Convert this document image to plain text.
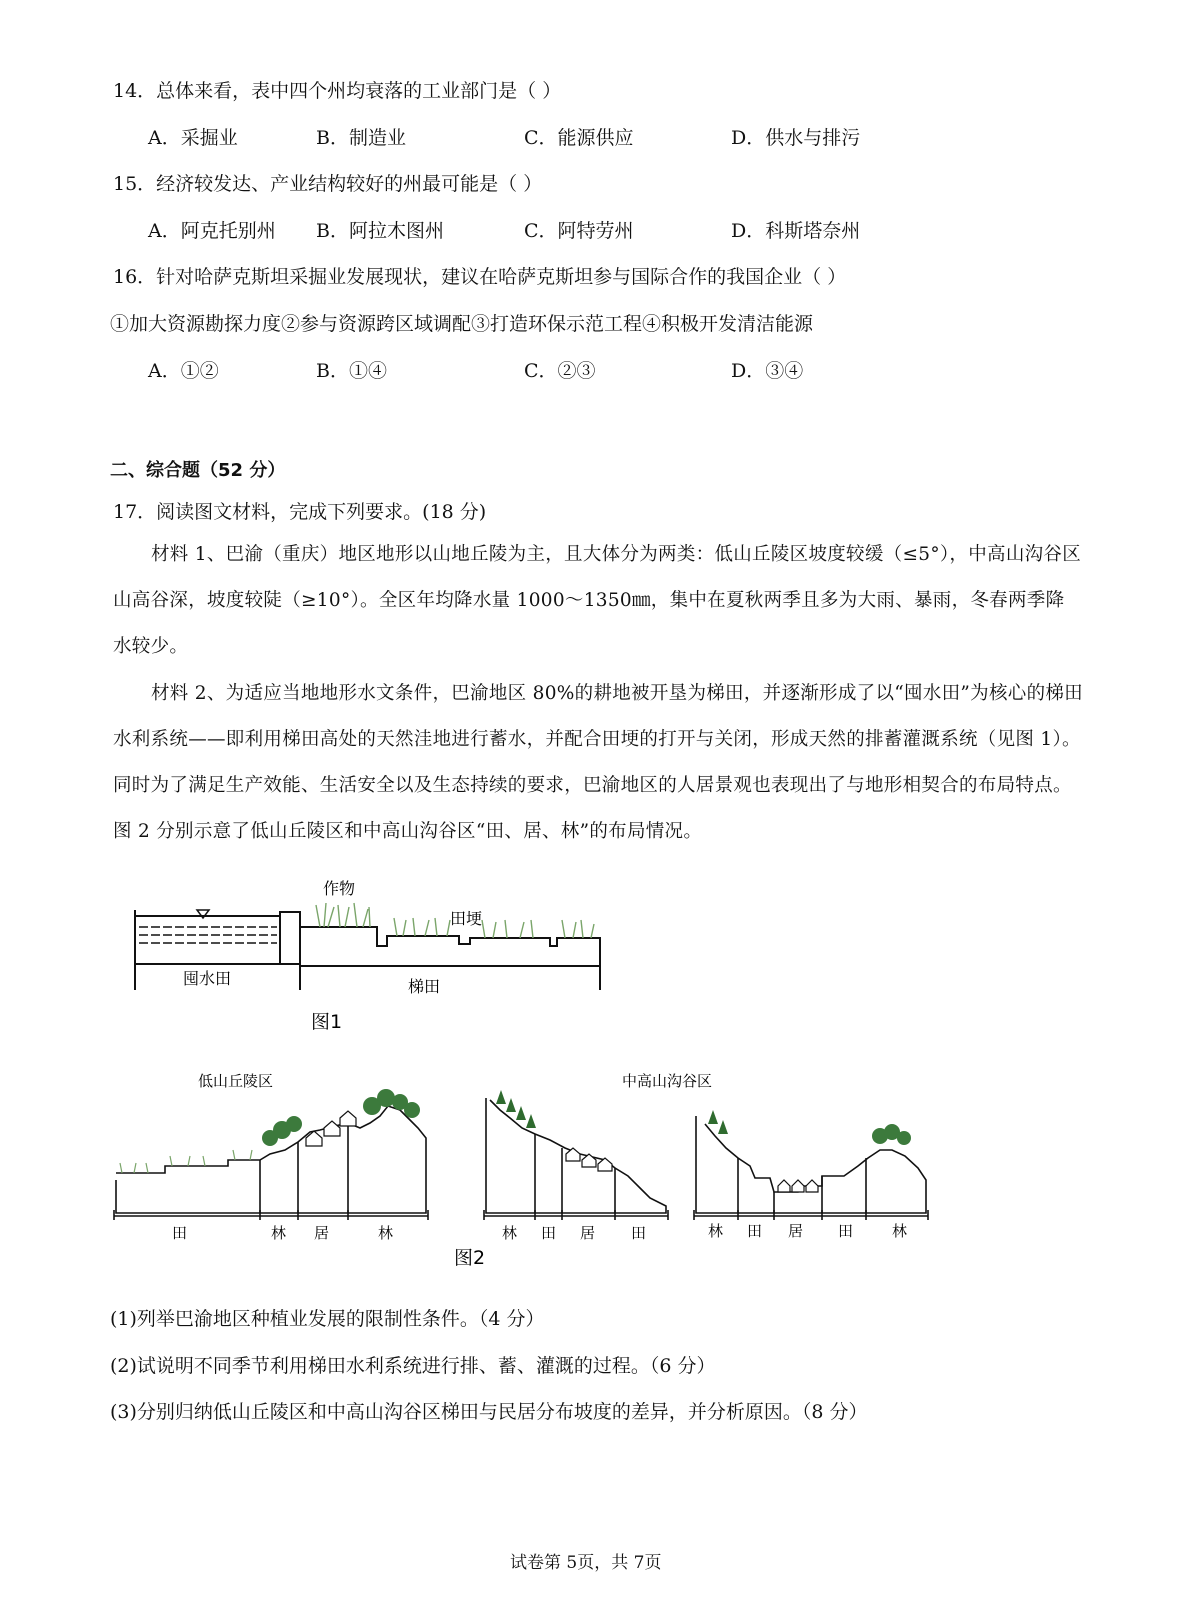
14．总体来看，表中四个州均衰落的工业部门是（ ）
A．采掘业	B．制造业	C．能源供应	D．供水与排污
15．经济较发达、产业结构较好的州最可能是（ ）
A．阿克托别州 B．阿拉木图州	C．阿特劳州	D．科斯塔奈州
16．针对哈萨克斯坦采掘业发展现状，建议在哈萨克斯坦参与国际合作的我国企业（ ）
①加大资源勘探力度②参与资源跨区域调配③打造环保示范工程④积极开发清洁能源
A．①②	B．①④	C．②③	D．③④
二、综合题（52 分）
17．阅读图文材料，完成下列要求。(18 分)
材料 1、巴渝（重庆）地区地形以山地丘陵为主，且大体分为两类：低山丘陵区坡度较缓（≤5°），中高山沟谷区山高谷深，坡度较陡（≥10°）。全区年均降水量 1000～1350㎜，集中在夏秋两季且多为大雨、暴雨，冬春两季降水较少。
材料 2、为适应当地地形水文条件，巴渝地区 80%的耕地被开垦为梯田，并逐渐形成了以“囤水田”为核心的梯田水利系统——即利用梯田高处的天然洼地进行蓄水，并配合田埂的打开与关闭，形成天然的排蓄灌溉系统（见图 1）。同时为了满足生产效能、生活安全以及生态持续的要求，巴渝地区的人居景观也表现出了与地形相契合的布局特点。图 2 分别示意了低山丘陵区和中高山沟谷区“田、居、林”的布局情况。
作物
田埂
囤水田	梯田
图1
低山丘陵区	中高山沟谷区
田	林 居	林	林 田 居 田	林 田 居 田	林
图2
(1)列举巴渝地区种植业发展的限制性条件。（4 分）
(2)试说明不同季节利用梯田水利系统进行排、蓄、灌溉的过程。（6 分）
(3)分别归纳低山丘陵区和中高山沟谷区梯田与民居分布坡度的差异，并分析原因。（8 分）
试卷第 5页，共 7页
